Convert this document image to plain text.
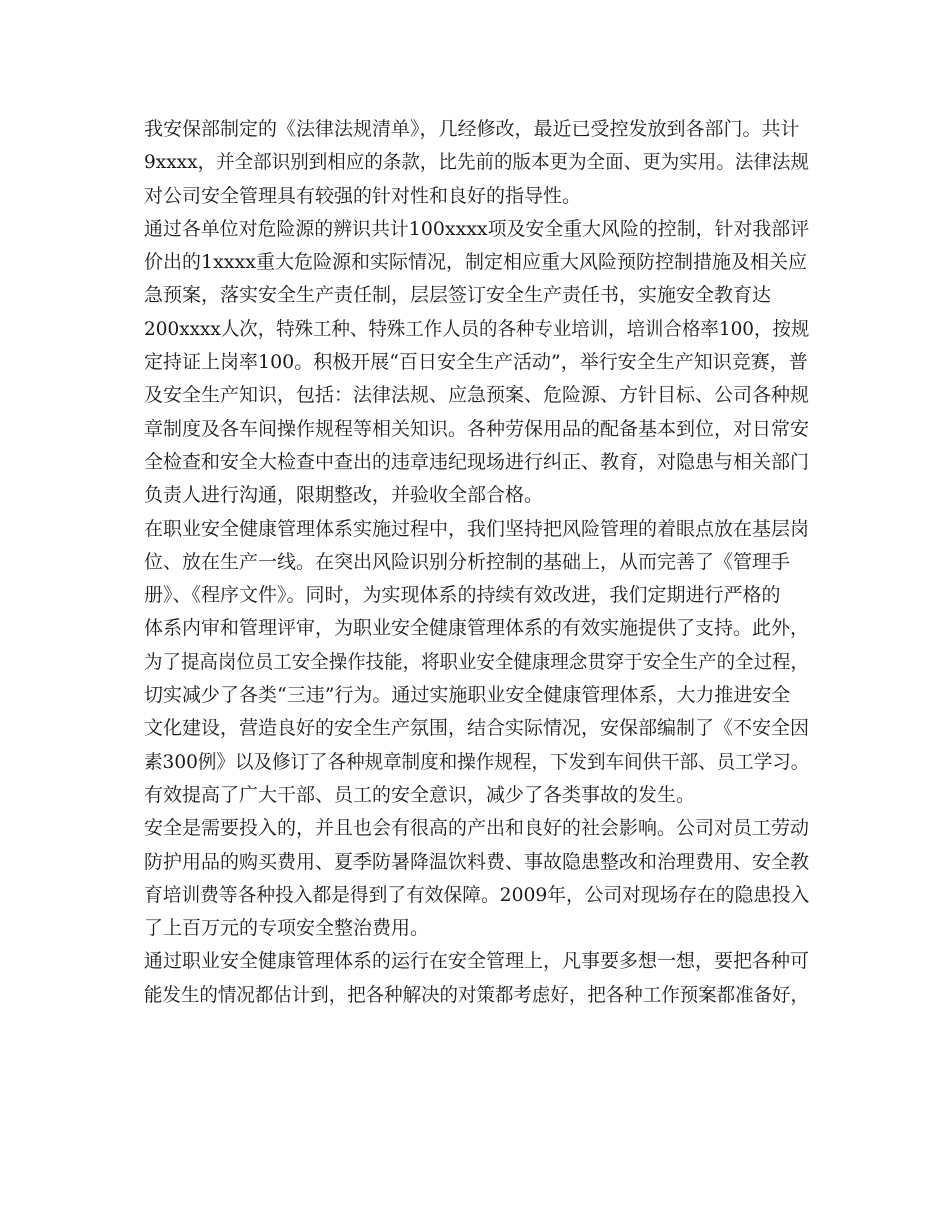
我安保部制定的《法律法规清单》，几经修改，最近已受控发放到各部门。共计
9xxxx，并全部识别到相应的条款，比先前的版本更为全面、更为实用。法律法规
对公司安全管理具有较强的针对性和良好的指导性。
通过各单位对危险源的辨识共计100xxxx项及安全重大风险的控制，针对我部评
价出的1xxxx重大危险源和实际情况，制定相应重大风险预防控制措施及相关应
急预案，落实安全生产责任制，层层签订安全生产责任书，实施安全教育达
200xxxx人次，特殊工种、特殊工作人员的各种专业培训，培训合格率100，按规
定持证上岗率100。积极开展“百日安全生产活动”，举行安全生产知识竞赛，普
及安全生产知识，包括：法律法规、应急预案、危险源、方针目标、公司各种规
章制度及各车间操作规程等相关知识。各种劳保用品的配备基本到位，对日常安
全检查和安全大检查中查出的违章违纪现场进行纠正、教育，对隐患与相关部门
负责人进行沟通，限期整改，并验收全部合格。
在职业安全健康管理体系实施过程中，我们坚持把风险管理的着眼点放在基层岗
位、放在生产一线。在突出风险识别分析控制的基础上，从而完善了《管理手
册》、《程序文件》。同时，为实现体系的持续有效改进，我们定期进行严格的
体系内审和管理评审，为职业安全健康管理体系的有效实施提供了支持。此外，
为了提高岗位员工安全操作技能，将职业安全健康理念贯穿于安全生产的全过程，
切实减少了各类“三违”行为。通过实施职业安全健康管理体系，大力推进安全
文化建设，营造良好的安全生产氛围，结合实际情况，安保部编制了《不安全因
素300例》以及修订了各种规章制度和操作规程，下发到车间供干部、员工学习。
有效提高了广大干部、员工的安全意识，减少了各类事故的发生。
安全是需要投入的，并且也会有很高的产出和良好的社会影响。公司对员工劳动
防护用品的购买费用、夏季防暑降温饮料费、事故隐患整改和治理费用、安全教
育培训费等各种投入都是得到了有效保障。2009年，公司对现场存在的隐患投入
了上百万元的专项安全整治费用。
通过职业安全健康管理体系的运行在安全管理上，凡事要多想一想，要把各种可
能发生的情况都估计到，把各种解决的对策都考虑好，把各种工作预案都准备好，
